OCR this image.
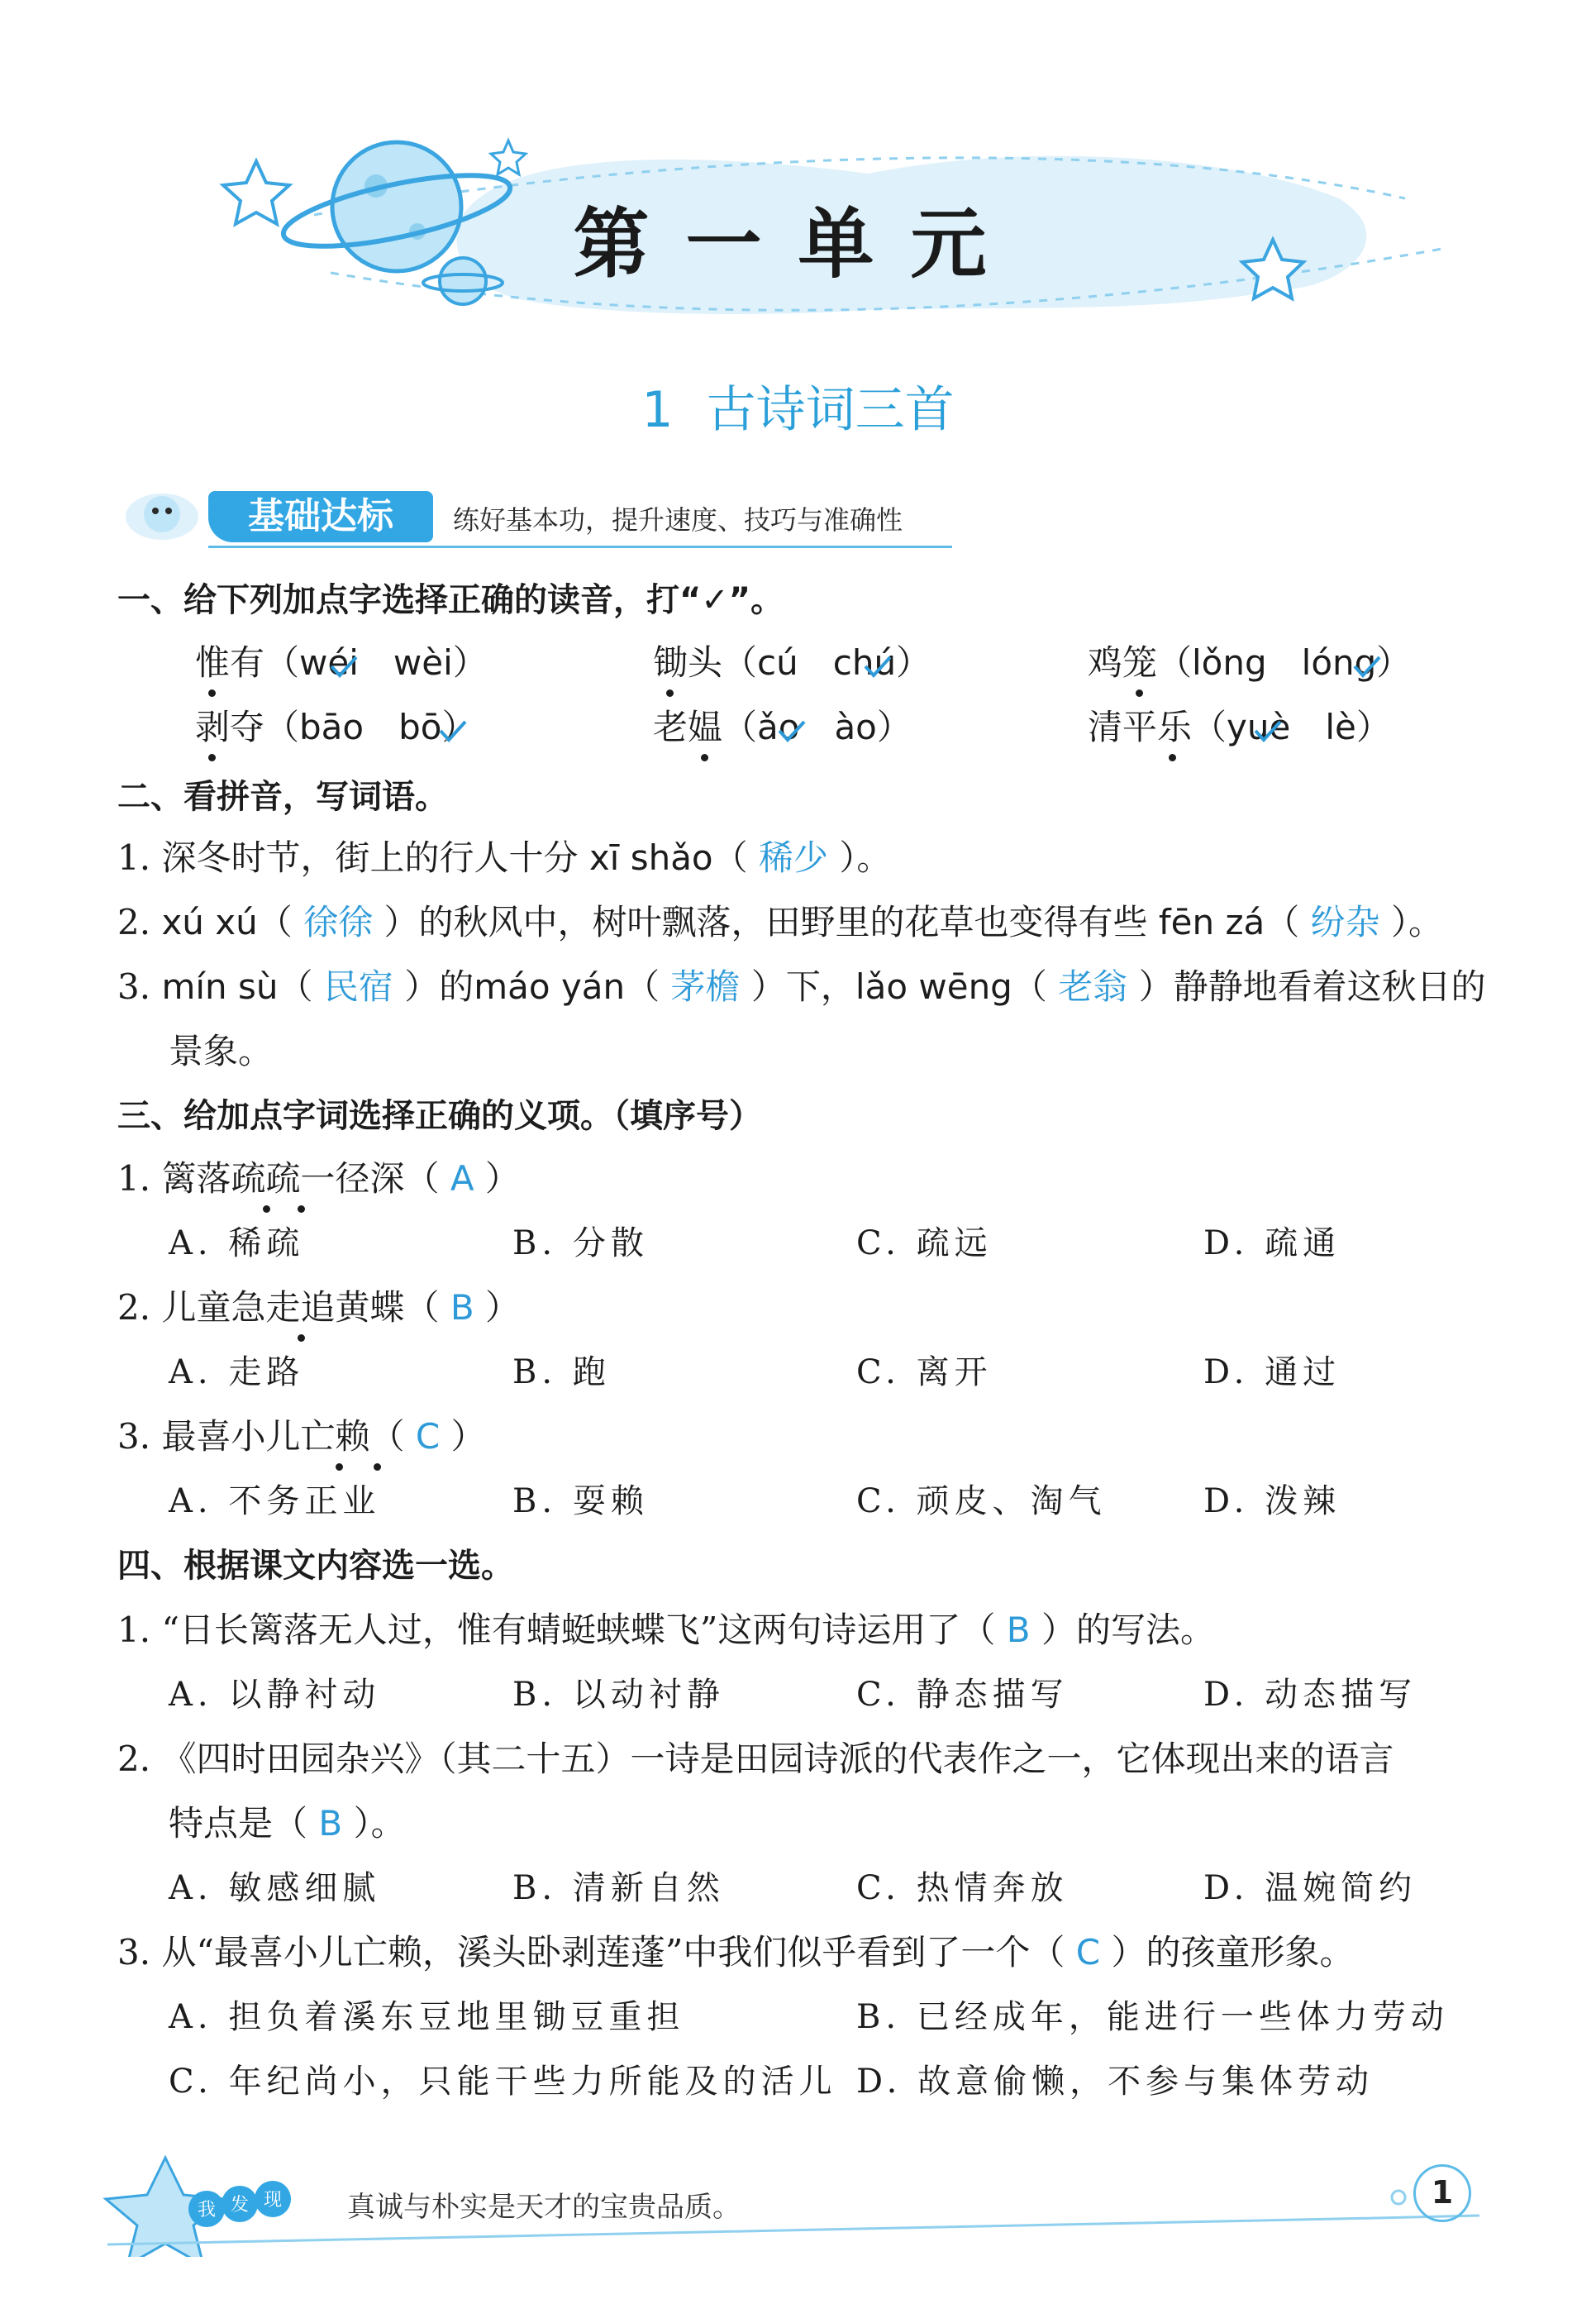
第一单元
1 古诗词三首
基础达标	练好基本功，提升速度、技巧与准确性
一、给下列加点字选择正确的读音，打“✓”。
惟有（wéi　wèi）	锄头（cú　chú）	鸡笼（lǒng　lóng）
剥夺（bāo　bō）	老媪（ǎo　ào）	清平乐（yuè　lè）
二、看拼音，写词语。
1. 深冬时节，街上的行人十分 xī shǎo（ 稀少 ）。
2. xú xú（ 徐徐 ）的秋风中，树叶飘落，田野里的花草也变得有些 fēn zá（ 纷杂 ）。
3. mín sù（ 民宿 ）的máo yán（ 茅檐 ）下，lǎo wēng（ 老翁 ）静静地看着这秋日的
景象。
三、给加点字词选择正确的义项。（填序号）
1. 篱落疏疏一径深（ A ）
A. 稀疏	B. 分散	C. 疏远	D. 疏通
2. 儿童急走追黄蝶（ B ）
A. 走路	B. 跑	C. 离开	D. 通过
3. 最喜小儿亡赖（ C ）
A. 不务正业	B. 耍赖	C. 顽皮、淘气	D. 泼辣
四、根据课文内容选一选。
1. “日长篱落无人过，惟有蜻蜓蛱蝶飞”这两句诗运用了（ B ）的写法。
A. 以静衬动	B. 以动衬静	C. 静态描写	D. 动态描写
2. 《四时田园杂兴》（其二十五）一诗是田园诗派的代表作之一，它体现出来的语言
特点是（ B ）。
A. 敏感细腻	B. 清新自然	C. 热情奔放	D. 温婉简约
3. 从“最喜小儿亡赖，溪头卧剥莲蓬”中我们似乎看到了一个（ C ）的孩童形象。
A. 担负着溪东豆地里锄豆重担	B. 已经成年，能进行一些体力劳动
C. 年纪尚小，只能干些力所能及的活儿 D. 故意偷懒，不参与集体劳动
我 发 现 真诚与朴实是天才的宝贵品质。	1
